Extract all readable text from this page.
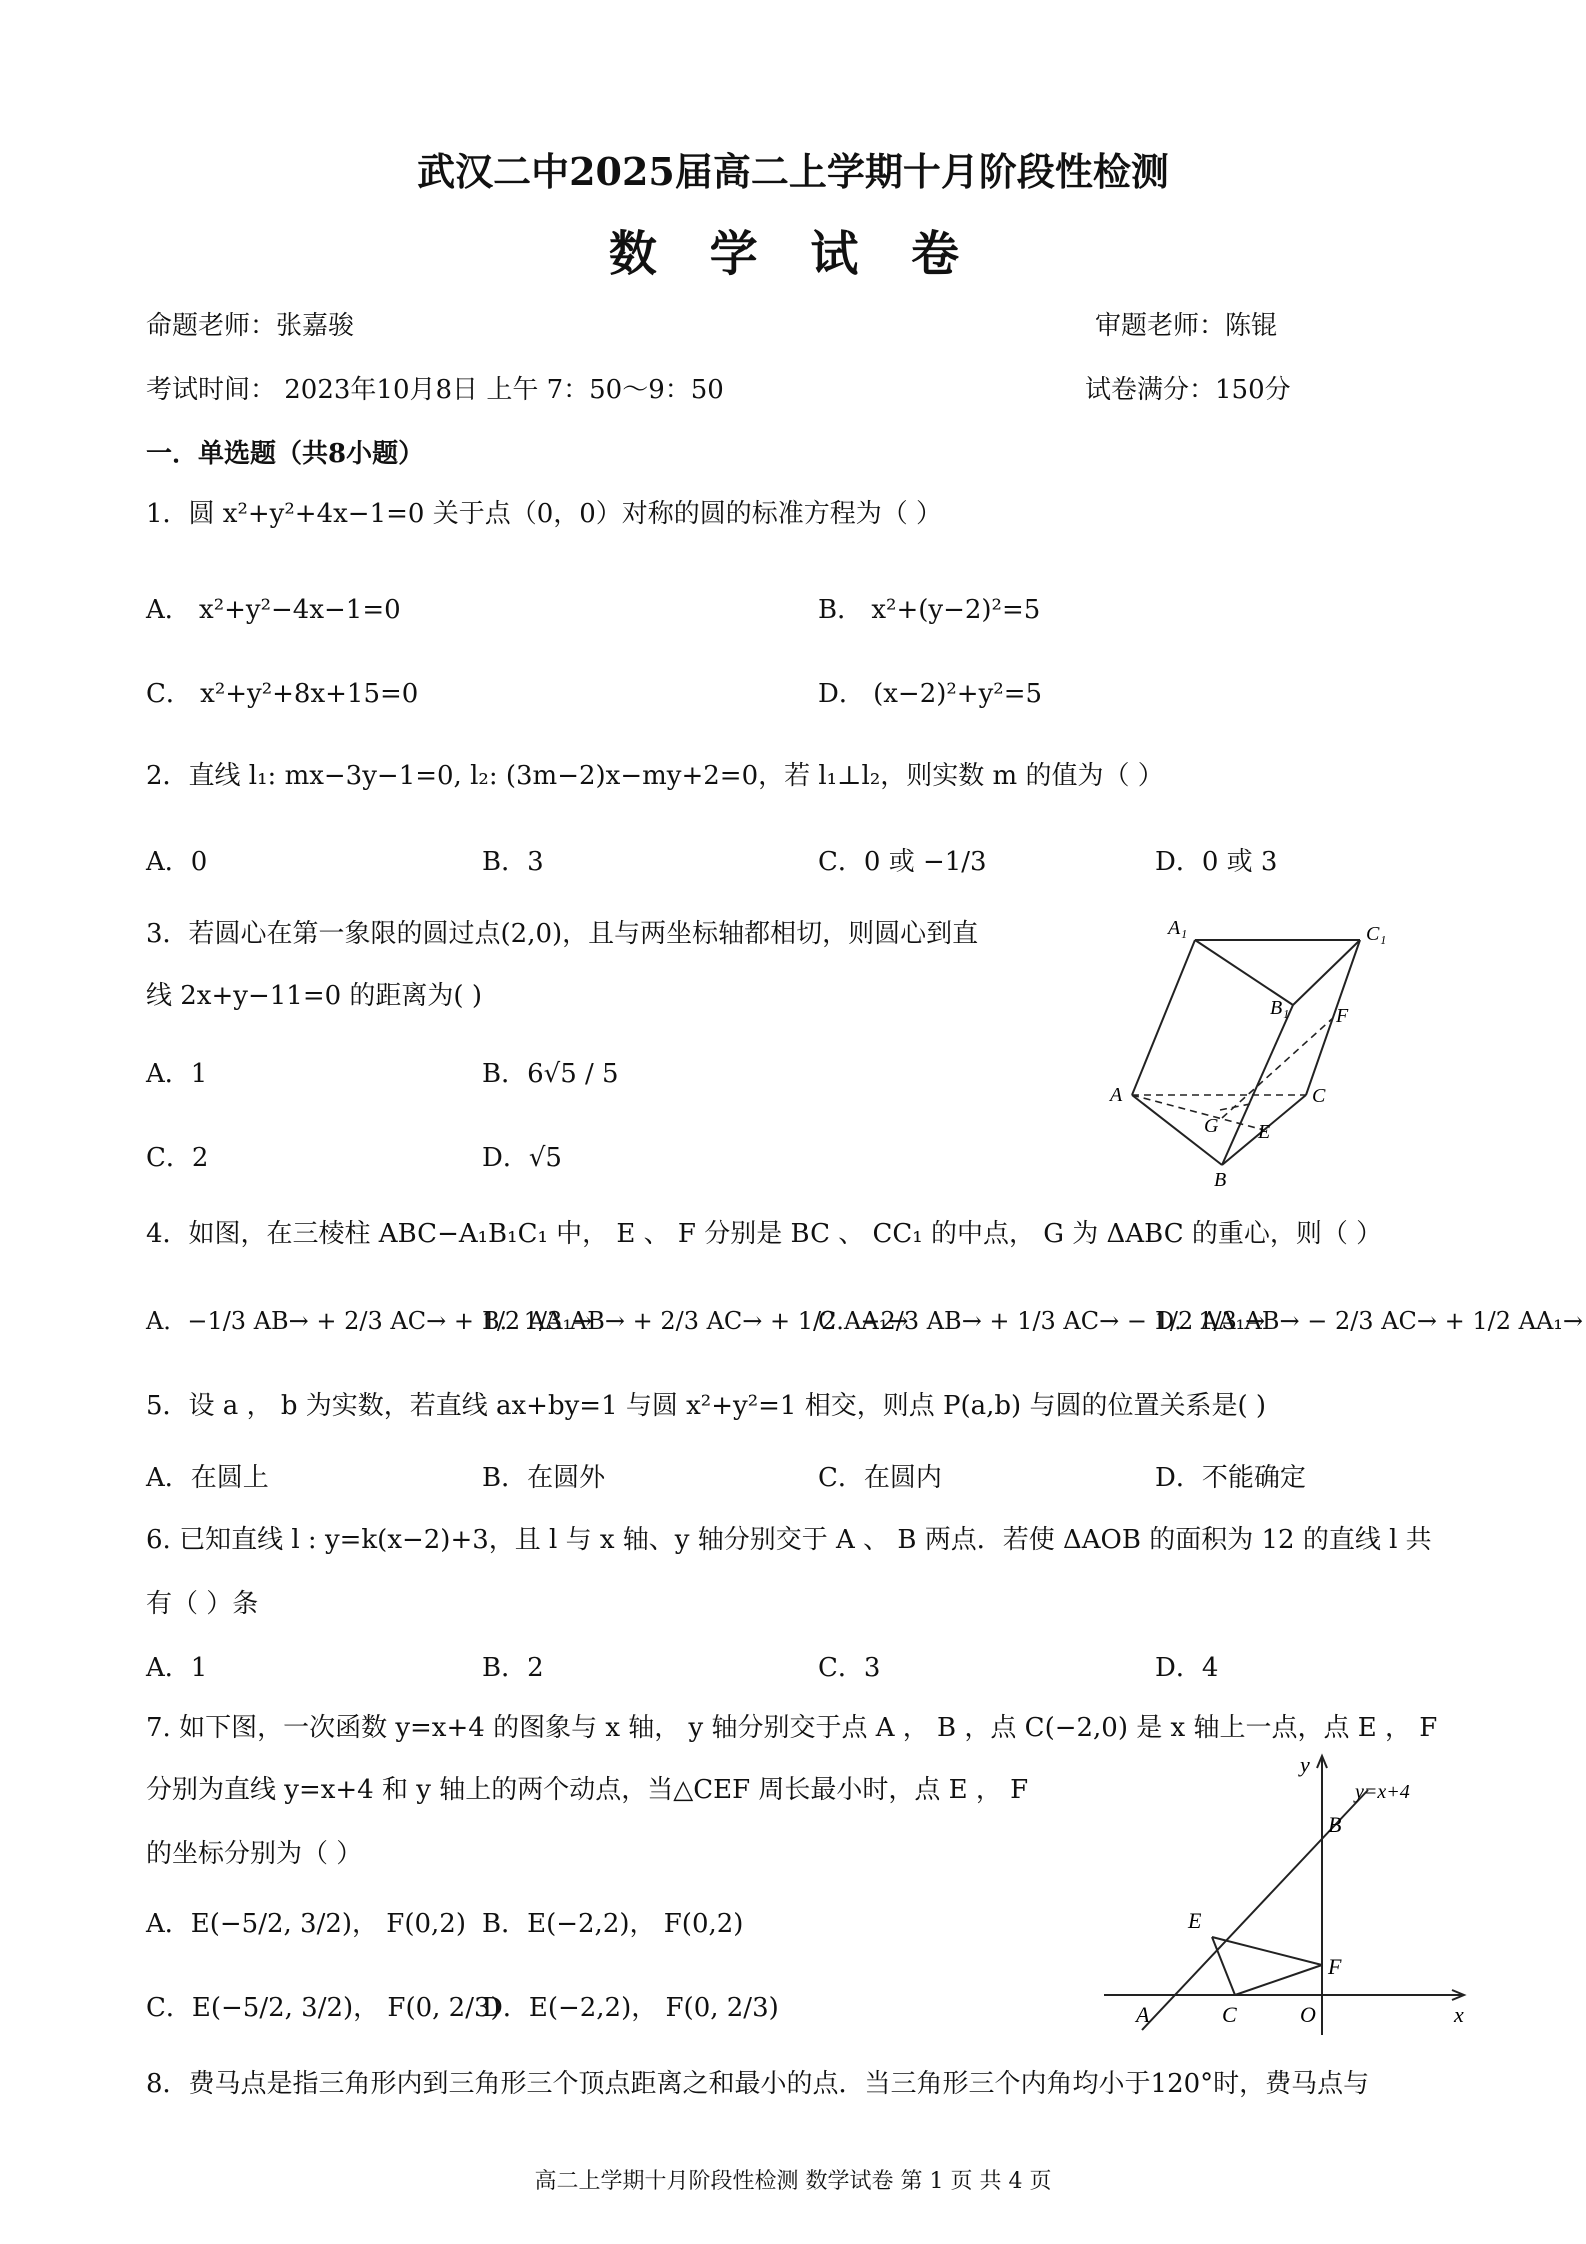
武汉二中2025届高二上学期十月阶段性检测
数 学 试 卷
命题老师：张嘉骏	审题老师：陈锟
考试时间： 2023年10月8日 上午 7：50～9：50	试卷满分：150分
一．单选题（共8小题）
1．圆 x²+y²+4x−1=0 关于点（0，0）对称的圆的标准方程为（ ）
A． x²+y²−4x−1=0	B． x²+(y−2)²=5
C． x²+y²+8x+15=0	D． (x−2)²+y²=5
2．直线 l₁: mx−3y−1=0, l₂: (3m−2)x−my+2=0，若 l₁⊥l₂，则实数 m 的值为（ ）
A．0	B．3	C．0 或 −1/3	D．0 或 3
3．若圆心在第一象限的圆过点(2,0)，且与两坐标轴都相切，则圆心到直
线 2x+y−11=0 的距离为( )
A．1	B．6√5 / 5
C．2	D．√5
A₁	C₁
B₁ F
A	C
G E
B
4．如图，在三棱柱 ABC−A₁B₁C₁ 中， E 、 F 分别是 BC 、 CC₁ 的中点， G 为 ΔABC 的重心，则（ ）
A．−1/3 AB→ + 2/3 AC→ + 1/2 AA₁→
B．1/3 AB→ + 2/3 AC→ + 1/2 AA₁→
C．−2/3 AB→ + 1/3 AC→ − 1/2 AA₁→
D．1/3 AB→ − 2/3 AC→ + 1/2 AA₁→
5．设 a ， b 为实数，若直线 ax+by=1 与圆 x²+y²=1 相交，则点 P(a,b) 与圆的位置关系是( )
A．在圆上	B．在圆外	C．在圆内	D．不能确定
6. 已知直线 l : y=k(x−2)+3，且 l 与 x 轴、y 轴分别交于 A 、 B 两点．若使 ΔAOB 的面积为 12 的直线 l 共
有（ ）条
A．1	B．2	C．3	D．4
7. 如下图，一次函数 y=x+4 的图象与 x 轴， y 轴分别交于点 A ， B ，点 C(−2,0) 是 x 轴上一点，点 E ， F
分别为直线 y=x+4 和 y 轴上的两个动点，当△CEF 周长最小时，点 E ， F
的坐标分别为（ ）
A．E(−5/2, 3/2)， F(0,2) B．E(−2,2)， F(0,2)
C．E(−5/2, 3/2)， F(0, 2/3)
D．E(−2,2)， F(0, 2/3)
y
y=x+4
B
E
F
A	C	O	x
8．费马点是指三角形内到三角形三个顶点距离之和最小的点．当三角形三个内角均小于120°时，费马点与
高二上学期十月阶段性检测 数学试卷 第 1 页 共 4 页
